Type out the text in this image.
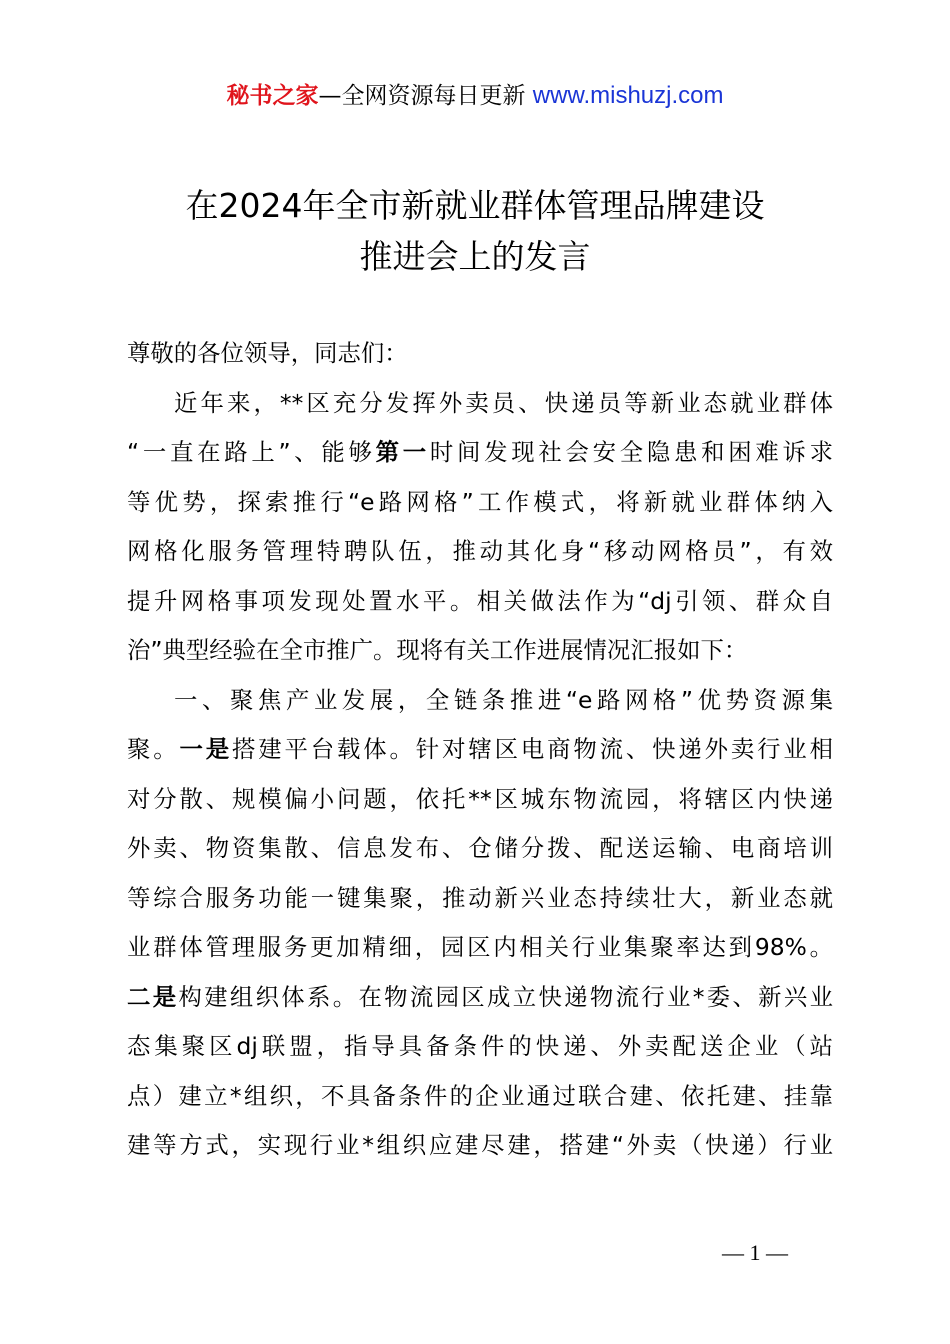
秘书之家—全网资源每日更新 www.mishuzj.com
在2024年全市新就业群体管理品牌建设
推进会上的发言
尊敬的各位领导，同志们：
近年来，**区充分发挥外卖员、快递员等新业态就业群体
“一直在路上”、能够第一时间发现社会安全隐患和困难诉求
等优势，探索推行“e路网格”工作模式，将新就业群体纳入
网格化服务管理特聘队伍，推动其化身“移动网格员”，有效
提升网格事项发现处置水平。相关做法作为“dj引领、群众自
治”典型经验在全市推广。现将有关工作进展情况汇报如下：
一、聚焦产业发展，全链条推进“e路网格”优势资源集
聚。一是搭建平台载体。针对辖区电商物流、快递外卖行业相
对分散、规模偏小问题，依托**区城东物流园，将辖区内快递
外卖、物资集散、信息发布、仓储分拨、配送运输、电商培训
等综合服务功能一键集聚，推动新兴业态持续壮大，新业态就
业群体管理服务更加精细，园区内相关行业集聚率达到98%。
二是构建组织体系。在物流园区成立快递物流行业*委、新兴业
态集聚区dj联盟，指导具备条件的快递、外卖配送企业（站
点）建立*组织，不具备条件的企业通过联合建、依托建、挂靠
建等方式，实现行业*组织应建尽建，搭建“外卖（快递）行业
— 1 —
